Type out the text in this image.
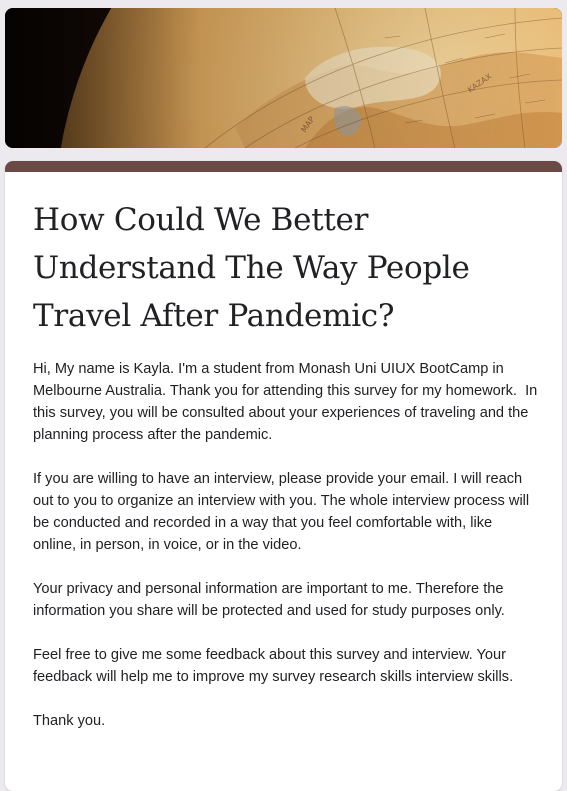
How Could We Better Understand The Way People Travel After Pandemic?

Hi, My name is Kayla. I'm a student from Monash Uni UIUX BootCamp in Melbourne Australia. Thank you for attending this survey for my homework.  In this survey, you will be consulted about your experiences of traveling and the planning process after the pandemic.

If you are willing to have an interview, please provide your email. I will reach out to you to organize an interview with you. The whole interview process will be conducted and recorded in a way that you feel comfortable with, like online, in person, in voice, or in the video.

Your privacy and personal information are important to me. Therefore the information you share will be protected and used for study purposes only.

Feel free to give me some feedback about this survey and interview. Your feedback will help me to improve my survey research skills interview skills.

Thank you.
